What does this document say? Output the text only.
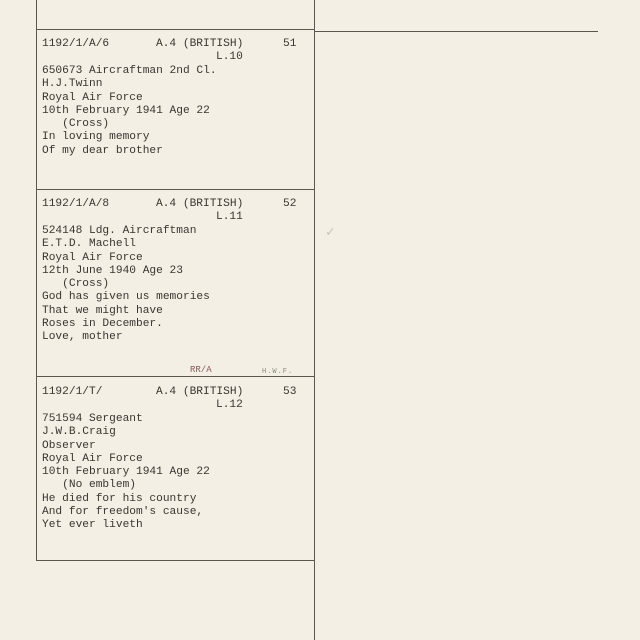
1192/1/A/6	A.4 (BRITISH)	51
L.10
650673 Aircraftman 2nd Cl.
H.J.Twinn
Royal Air Force
10th February 1941 Age 22
(Cross)
In loving memory
Of my dear brother
1192/1/A/8	A.4 (BRITISH)	52
L.11
524148 Ldg. Aircraftman
E.T.D. Machell
Royal Air Force
12th June 1940 Age 23
(Cross)
God has given us memories
That we might have
Roses in December.
Love, mother
RR/A	H.W.F.
1192/1/T/	A.4 (BRITISH)	53
L.12
751594 Sergeant
J.W.B.Craig
Observer
Royal Air Force
10th February 1941 Age 22
(No emblem)
He died for his country
And for freedom's cause,
Yet ever liveth
✓
